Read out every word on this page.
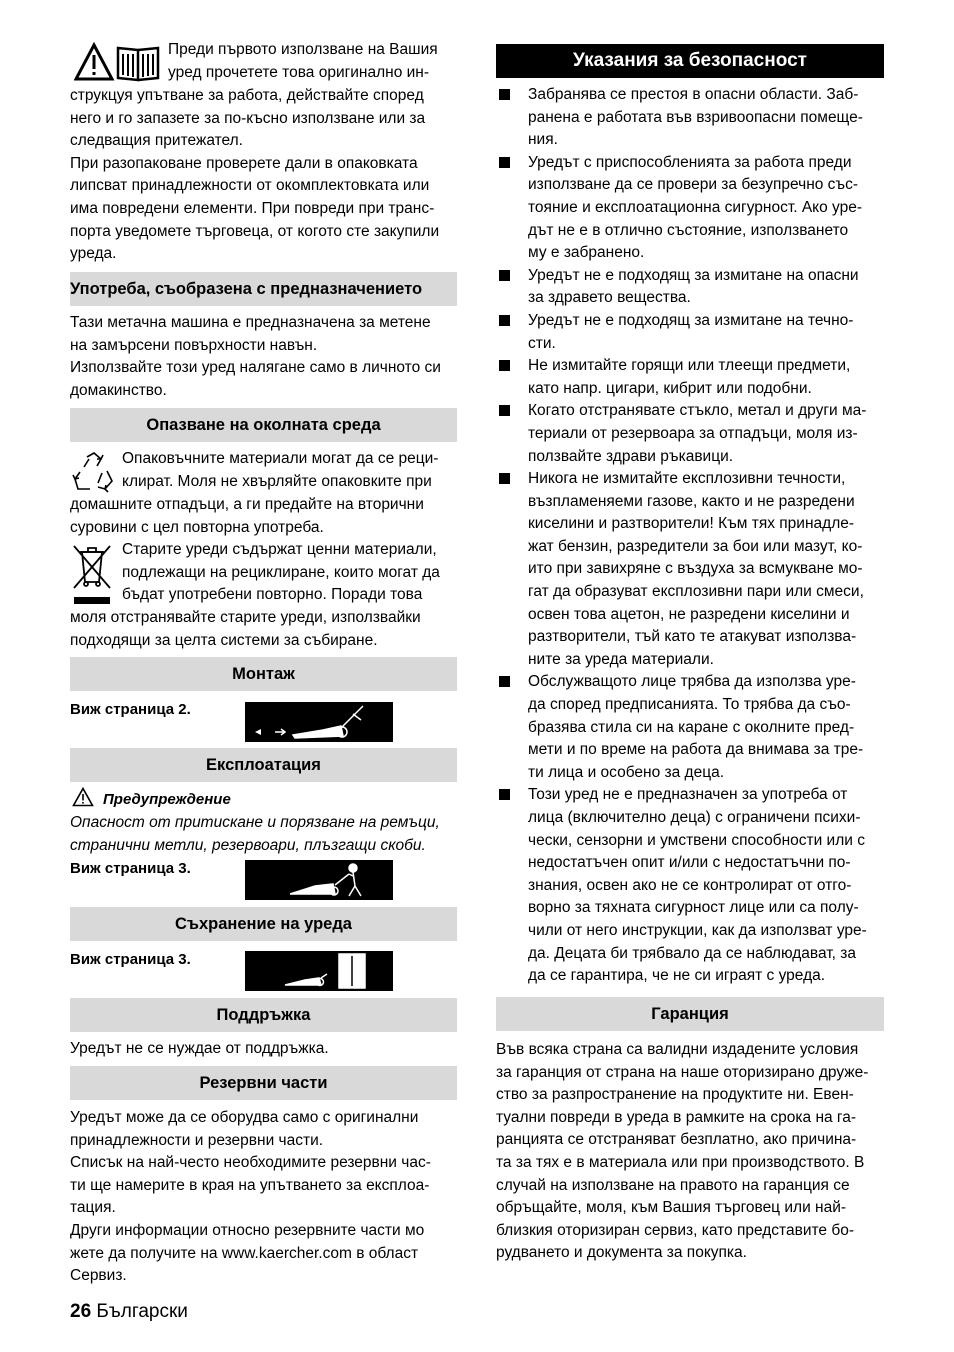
Преди първото използване на Вашия

уред прочетете това оригинално ин-

струкцуя упътване за работа, действайте според

него и го запазете за по-късно използване или за

следващия притежател.

При разопаковане проверете дали в опаковката

липсват принадлежности от окомплектовката или

има повредени елементи. При повреди при транс-

порта уведомете търговеца, от когото сте закупили

уреда.

Употреба, съобразена с предназначението

Тази метачна машина е предназначена за метене

на замърсени повърхности навън.

Използвайте този уред налягане само в личното си

домакинство.

Опазване на околната среда

Опаковъчните материали могат да се реци-

клират. Моля не хвърляйте опаковките при

домашните отпадъци, а ги предайте на вторични

суровини с цел повторна употреба.

Старите уреди съдържат ценни материали,

подлежащи на рециклиране, които могат да

бъдат употребени повторно. Поради това

моля отстранявайте старите уреди, използвайки

подходящи за целта системи за събиране.

Монтаж

Виж страница 2.

Експлоатация

Предупреждение

Опасност от притискане и порязване на ремъци,

странични метли, резервоари, плъзгащи скоби.

Виж страница 3.

Съхранение на уреда

Виж страница 3.

Поддръжка

Уредът не се нуждае от поддръжка.

Резервни части

Уредът може да се оборудва само с оригинални

принадлежности и резервни части.

Списък на най-често необходимите резервни час-

ти ще намерите в края на упътването за експлоа-

тация.

Други информации относно резервните части мо

жете да получите на www.kaercher.com в област

Сервиз.

26 Български
Указания за безопасност

Забранява се престоя в опасни области. Заб-

ранена е работата във взривоопасни помеще-

ния.

Уредът с приспособленията за работа преди

използване да се провери за безупречно със-

тояние и експлоатационна сигурност. Ако уре-

дът не е в отлично състояние, използването

му е забранено.

Уредът не е подходящ за измитане на опасни

за здравето вещества.

Уредът не е подходящ за измитане на течно-

сти.

Не измитайте горящи или тлеещи предмети,

като напр. цигари, кибрит или подобни.

Когато отстранявате стъкло, метал и други ма-

териали от резервоара за отпадъци, моля из-

ползвайте здрави ръкавици.

Никога не измитайте експлозивни течности,

възпламеняеми газове, както и не разредени

киселини и разтворители! Към тях принадле-

жат бензин, разредители за бои или мазут, ко-

ито при завихряне с въздуха за всмукване мо-

гат да образуват експлозивни пари или смеси,

освен това ацетон, не разредени киселини и

разтворители, тъй като те атакуват използва-

ните за уреда материали.

Обслужващото лице трябва да използва уре-

да според предписанията. То трябва да съо-

бразява стила си на каране с околните пред-

мети и по време на работа да внимава за тре-

ти лица и особено за деца.

Този уред не е предназначен за употреба от

лица (включително деца) с ограничени психи-

чески, сензорни и умствени способности или с

недостатъчен опит и/или с недостатъчни по-

знания, освен ако не се контролират от отго-

ворно за тяхната сигурност лице или са полу-

чили от него инструкции, как да използват уре-

да. Децата би трябвало да се наблюдават, за

да се гарантира, че не си играят с уреда.

Гаранция

Във всяка страна са валидни издадените условия

за гаранция от страна на наше оторизирано друже-

ство за разпространение на продуктите ни. Евен-

туални повреди в уреда в рамките на срока на га-

ранцията се отстраняват безплатно, ако причина-

та за тях е в материала или при производството. В

случай на използване на правото на гаранция се

обръщайте, моля, към Вашия търговец или най-

близкия оторизиран сервиз, като представите бо-

рудването и документа за покупка.
